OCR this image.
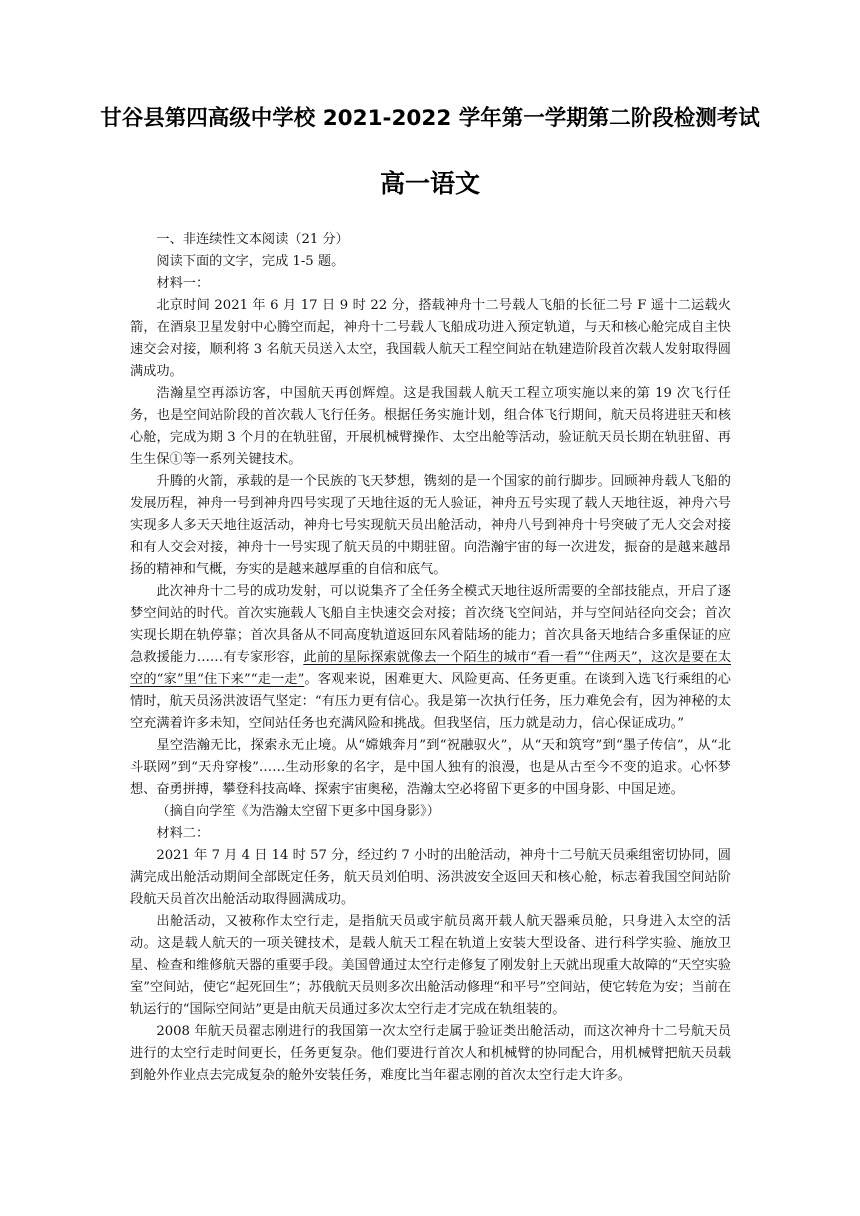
甘谷县第四高级中学校 2021-2022 学年第一学期第二阶段检测考试
高一语文

一、非连续性文本阅读（21 分）

阅读下面的文字，完成 1-5 题。

材料一：

北京时间 2021 年 6 月 17 日 9 时 22 分，搭载神舟十二号载人飞船的长征二号 F 遥十二运载火箭，在酒泉卫星发射中心腾空而起，神舟十二号载人飞船成功进入预定轨道，与天和核心舱完成自主快速交会对接，顺利将 3 名航天员送入太空，我国载人航天工程空间站在轨建造阶段首次载人发射取得圆满成功。

浩瀚星空再添访客，中国航天再创辉煌。这是我国载人航天工程立项实施以来的第 19 次飞行任务，也是空间站阶段的首次载人飞行任务。根据任务实施计划，组合体飞行期间，航天员将进驻天和核心舱，完成为期 3 个月的在轨驻留，开展机械臂操作、太空出舱等活动，验证航天员长期在轨驻留、再生生保①等一系列关键技术。

升腾的火箭，承载的是一个民族的飞天梦想，镌刻的是一个国家的前行脚步。回顾神舟载人飞船的发展历程，神舟一号到神舟四号实现了天地往返的无人验证，神舟五号实现了载人天地往返，神舟六号实现多人多天天地往返活动，神舟七号实现航天员出舱活动，神舟八号到神舟十号突破了无人交会对接和有人交会对接，神舟十一号实现了航天员的中期驻留。向浩瀚宇宙的每一次进发，振奋的是越来越昂扬的精神和气概，夯实的是越来越厚重的自信和底气。

此次神舟十二号的成功发射，可以说集齐了全任务全模式天地往返所需要的全部技能点，开启了逐梦空间站的时代。首次实施载人飞船自主快速交会对接；首次绕飞空间站，并与空间站径向交会；首次实现长期在轨停靠；首次具备从不同高度轨道返回东风着陆场的能力；首次具备天地结合多重保证的应急救援能力……有专家形容，此前的星际探索就像去一个陌生的城市“看一看”“住两天”，这次是要在太空的“家”里“住下来”“走一走”。客观来说，困难更大、风险更高、任务更重。在谈到入选飞行乘组的心情时，航天员汤洪波语气坚定：“有压力更有信心。我是第一次执行任务，压力难免会有，因为神秘的太空充满着许多未知，空间站任务也充满风险和挑战。但我坚信，压力就是动力，信心保证成功。”

星空浩瀚无比，探索永无止境。从“嫦娥奔月”到“祝融驭火”，从“天和筑穹”到“墨子传信”，从“北斗联网”到“天舟穿梭”……生动形象的名字，是中国人独有的浪漫，也是从古至今不变的追求。心怀梦想、奋勇拼搏，攀登科技高峰、探索宇宙奥秘，浩瀚太空必将留下更多的中国身影、中国足迹。

（摘自向学笙《为浩瀚太空留下更多中国身影》）

材料二：

2021 年 7 月 4 日 14 时 57 分，经过约 7 小时的出舱活动，神舟十二号航天员乘组密切协同，圆满完成出舱活动期间全部既定任务，航天员刘伯明、汤洪波安全返回天和核心舱，标志着我国空间站阶段航天员首次出舱活动取得圆满成功。

出舱活动，又被称作太空行走，是指航天员或宇航员离开载人航天器乘员舱，只身进入太空的活动。这是载人航天的一项关键技术，是载人航天工程在轨道上安装大型设备、进行科学实验、施放卫星、检查和维修航天器的重要手段。美国曾通过太空行走修复了刚发射上天就出现重大故障的“天空实验室”空间站，使它“起死回生”；苏俄航天员则多次出舱活动修理“和平号”空间站，使它转危为安；当前在轨运行的“国际空间站”更是由航天员通过多次太空行走才完成在轨组装的。

2008 年航天员翟志刚进行的我国第一次太空行走属于验证类出舱活动，而这次神舟十二号航天员进行的太空行走时间更长，任务更复杂。他们要进行首次人和机械臂的协同配合，用机械臂把航天员载到舱外作业点去完成复杂的舱外安装任务，难度比当年翟志刚的首次太空行走大许多。
